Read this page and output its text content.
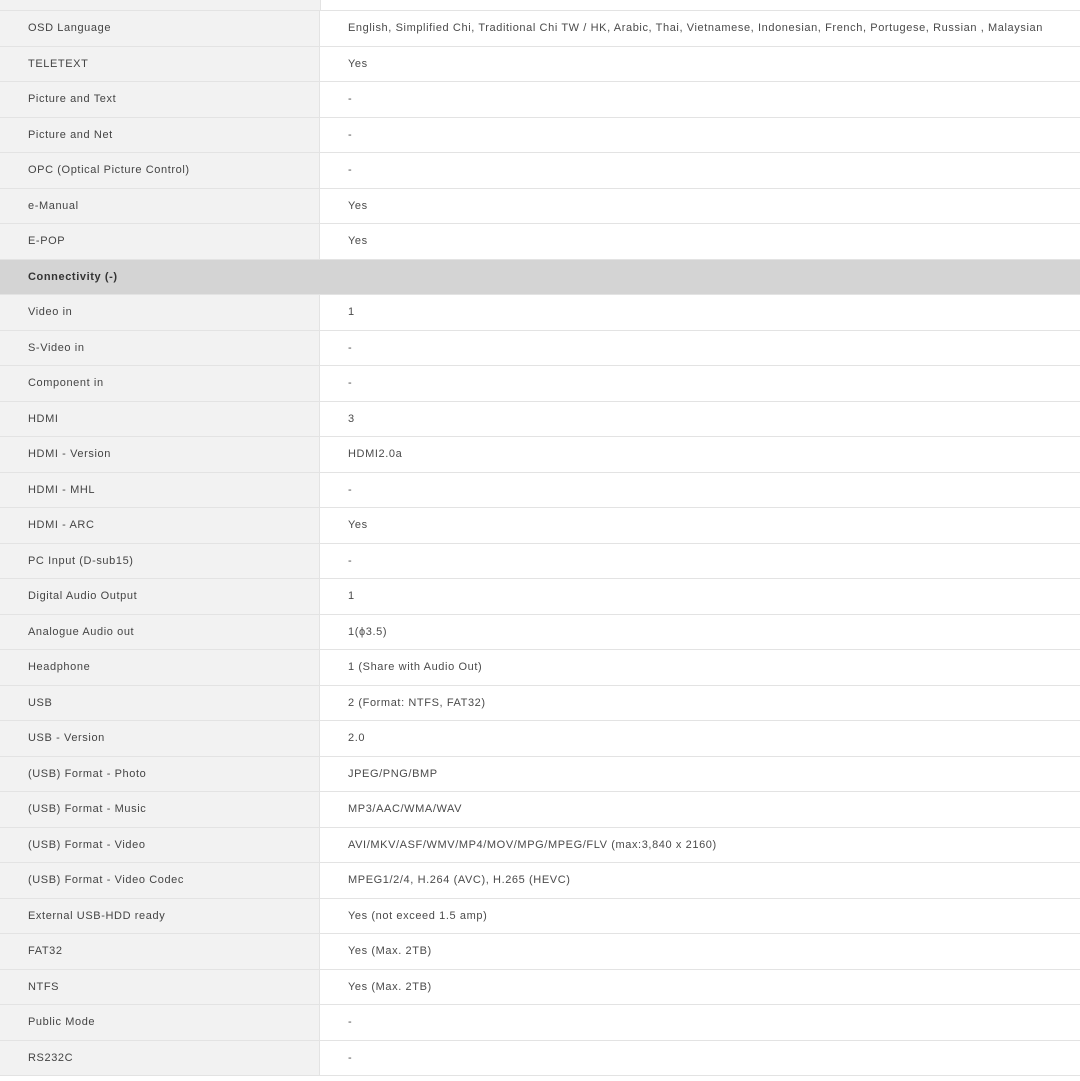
OSD Language	English, Simplified Chi, Traditional Chi TW / HK, Arabic, Thai, Vietnamese, Indonesian, French, Portugese, Russian , Malaysian
TELETEXT	Yes
Picture and Text	-
Picture and Net	-
OPC (Optical Picture Control)	-
e-Manual	Yes
E-POP	Yes
Connectivity (-)
Video in	1
S-Video in	-
Component in	-
HDMI	3
HDMI - Version	HDMI2.0a
HDMI - MHL	-
HDMI - ARC	Yes
PC Input (D-sub15)	-
Digital Audio Output	1
Analogue Audio out	1(ϕ3.5)
Headphone	1 (Share with Audio Out)
USB	2 (Format: NTFS, FAT32)
USB - Version	2.0
(USB) Format - Photo	JPEG/PNG/BMP
(USB) Format - Music	MP3/AAC/WMA/WAV
(USB) Format - Video	AVI/MKV/ASF/WMV/MP4/MOV/MPG/MPEG/FLV (max:3,840 x 2160)
(USB) Format - Video Codec	MPEG1/2/4, H.264 (AVC), H.265 (HEVC)
External USB-HDD ready	Yes (not exceed 1.5 amp)
FAT32	Yes (Max. 2TB)
NTFS	Yes (Max. 2TB)
Public Mode	-
RS232C	-
